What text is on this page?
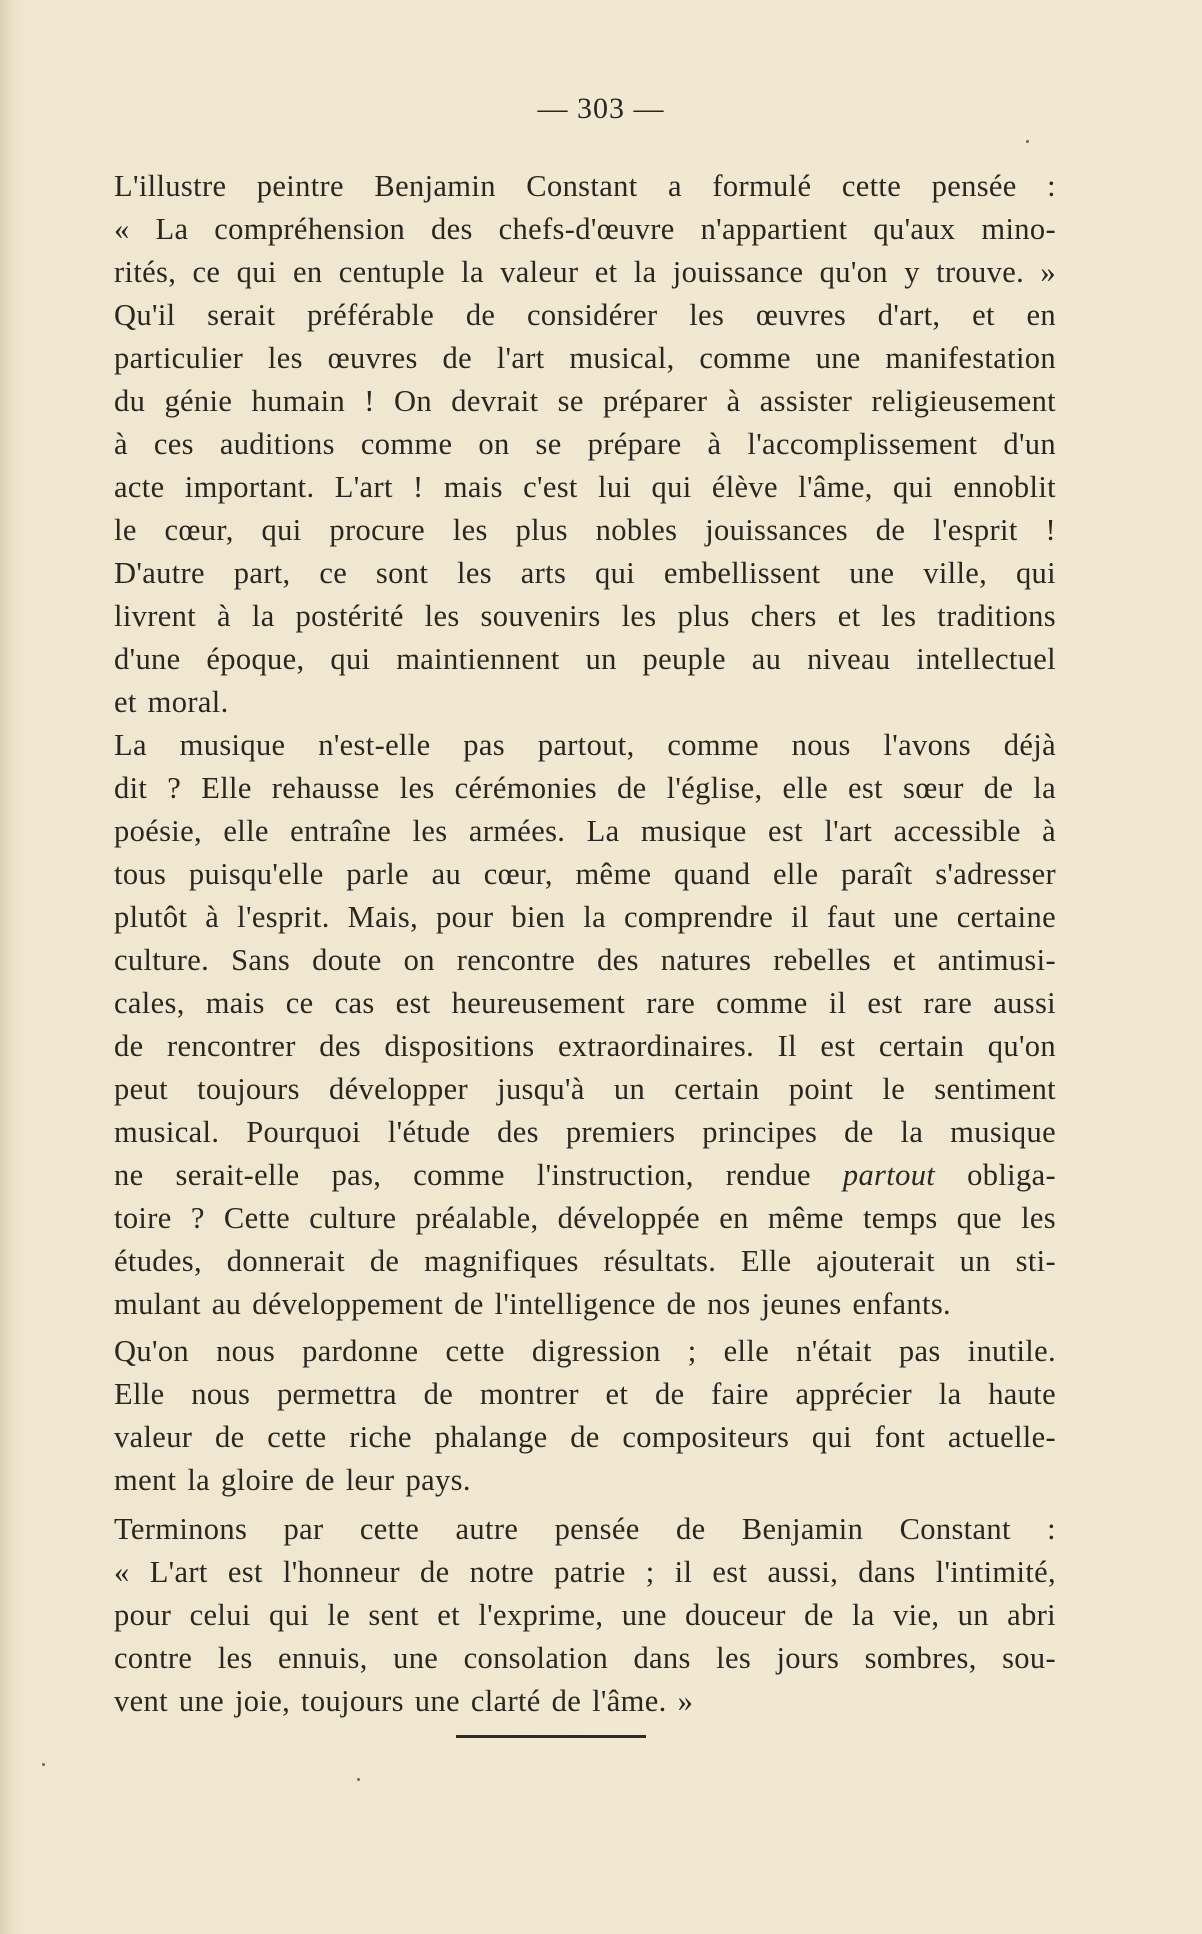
— 303 —

L'illustre peintre Benjamin Constant a formulé cette pensée :
« La compréhension des chefs-d'œuvre n'appartient qu'aux mino-
rités, ce qui en centuple la valeur et la jouissance qu'on y trouve. »

Qu'il serait préférable de considérer les œuvres d'art, et en
particulier les œuvres de l'art musical, comme une manifestation
du génie humain ! On devrait se préparer à assister religieusement
à ces auditions comme on se prépare à l'accomplissement d'un
acte important. L'art ! mais c'est lui qui élève l'âme, qui ennoblit
le cœur, qui procure les plus nobles jouissances de l'esprit !
D'autre part, ce sont les arts qui embellissent une ville, qui
livrent à la postérité les souvenirs les plus chers et les traditions
d'une époque, qui maintiennent un peuple au niveau intellectuel
et moral.

La musique n'est-elle pas partout, comme nous l'avons déjà
dit ? Elle rehausse les cérémonies de l'église, elle est sœur de la
poésie, elle entraîne les armées. La musique est l'art accessible à
tous puisqu'elle parle au cœur, même quand elle paraît s'adresser
plutôt à l'esprit. Mais, pour bien la comprendre il faut une certaine
culture. Sans doute on rencontre des natures rebelles et antimusi-
cales, mais ce cas est heureusement rare comme il est rare aussi
de rencontrer des dispositions extraordinaires. Il est certain qu'on
peut toujours développer jusqu'à un certain point le sentiment
musical. Pourquoi l'étude des premiers principes de la musique
ne serait-elle pas, comme l'instruction, rendue partout obliga-
toire ? Cette culture préalable, développée en même temps que les
études, donnerait de magnifiques résultats. Elle ajouterait un sti-
mulant au développement de l'intelligence de nos jeunes enfants.

Qu'on nous pardonne cette digression ; elle n'était pas inutile.
Elle nous permettra de montrer et de faire apprécier la haute
valeur de cette riche phalange de compositeurs qui font actuelle-
ment la gloire de leur pays.

Terminons par cette autre pensée de Benjamin Constant :
« L'art est l'honneur de notre patrie ; il est aussi, dans l'intimité,
pour celui qui le sent et l'exprime, une douceur de la vie, un abri
contre les ennuis, une consolation dans les jours sombres, sou-
vent une joie, toujours une clarté de l'âme. »
